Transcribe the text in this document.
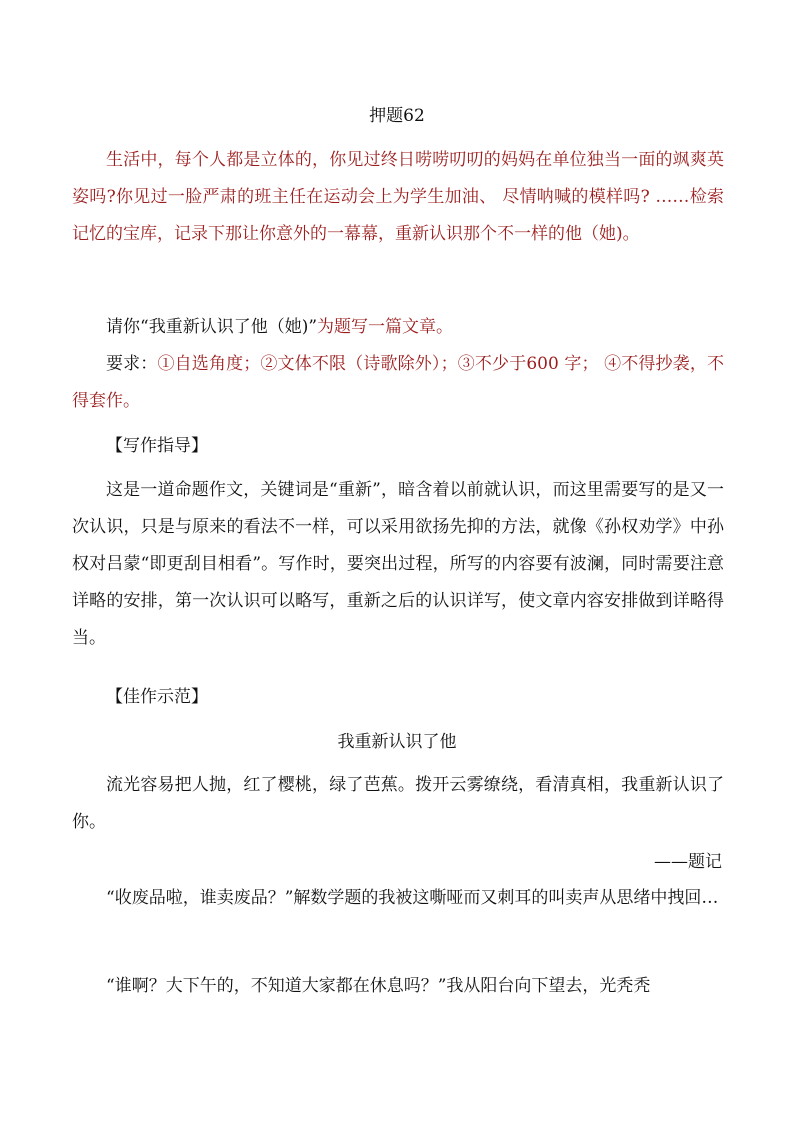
押题62

生活中，每个人都是立体的，你见过终日唠唠叨叨的妈妈在单位独当一面的飒爽英姿吗?你见过一脸严肃的班主任在运动会上为学生加油、 尽情呐喊的模样吗? ……检索记忆的宝库，记录下那让你意外的一幕幕，重新认识那个不一样的他（她)。

请你“我重新认识了他（她)”为题写一篇文章。

要求：①自选角度；②文体不限（诗歌除外）；③不少于600 字； ④不得抄袭，不得套作。

【写作指导】

这是一道命题作文，关键词是“重新”，暗含着以前就认识，而这里需要写的是又一次认识，只是与原来的看法不一样，可以采用欲扬先抑的方法，就像《孙权劝学》中孙权对吕蒙“即更刮目相看”。写作时，要突出过程，所写的内容要有波澜，同时需要注意详略的安排，第一次认识可以略写，重新之后的认识详写，使文章内容安排做到详略得当。

【佳作示范】

我重新认识了他

流光容易把人抛，红了樱桃，绿了芭蕉。拨开云雾缭绕，看清真相，我重新认识了你。

——题记

“收废品啦，谁卖废品？”解数学题的我被这嘶哑而又刺耳的叫卖声从思绪中拽回…

“谁啊？大下午的，不知道大家都在休息吗？”我从阳台向下望去，光秃秃
